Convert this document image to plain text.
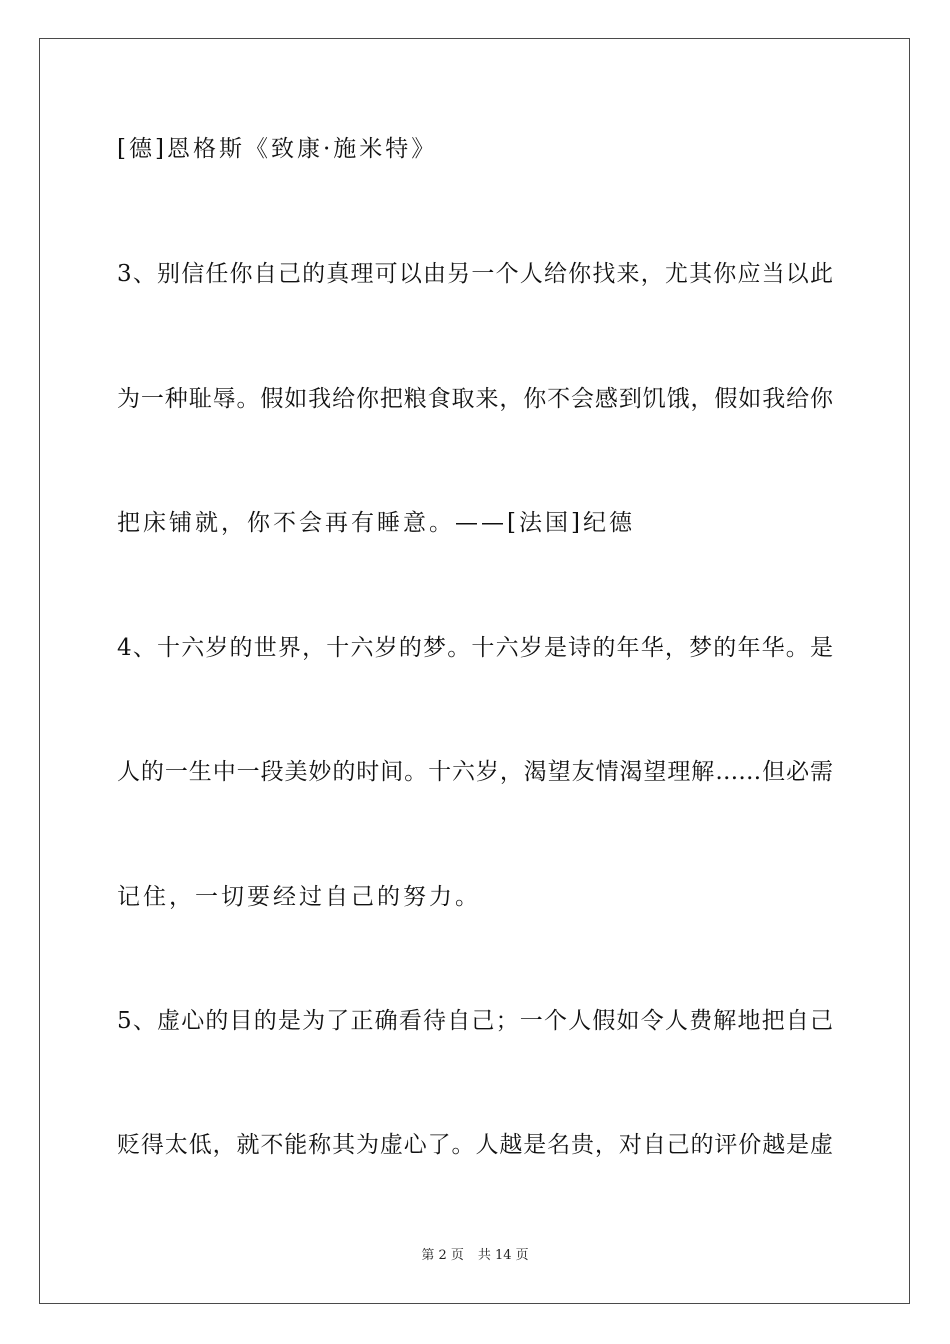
[德]恩格斯《致康·施米特》
3、别信任你自己的真理可以由另一个人给你找来，尤其你应当以此
为一种耻辱。假如我给你把粮食取来，你不会感到饥饿，假如我给你
把床铺就，你不会再有睡意。——[法国]纪德
4、十六岁的世界，十六岁的梦。十六岁是诗的年华，梦的年华。是
人的一生中一段美妙的时间。十六岁，渴望友情渴望理解……但必需
记住，一切要经过自己的努力。
5、虚心的目的是为了正确看待自己；一个人假如令人费解地把自己
贬得太低，就不能称其为虚心了。人越是名贵，对自己的评价越是虚
第 2 页 共 14 页
